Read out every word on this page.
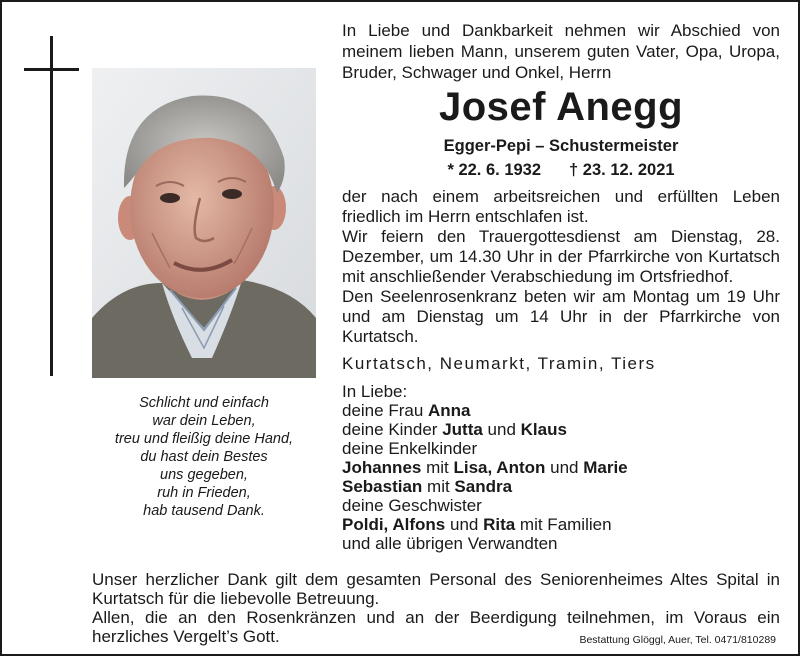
Schlicht und einfach
war dein Leben,
treu und fleißig deine Hand,
du hast dein Bestes
uns gegeben,
ruh in Frieden,
hab tausend Dank.
In Liebe und Dankbarkeit nehmen wir Abschied von meinem lieben Mann, unserem guten Vater, Opa, Uropa, Bruder, Schwager und Onkel, Herrn
Josef Anegg
Egger-Pepi – Schustermeister
* 22. 6. 1932 † 23. 12. 2021

der nach einem arbeitsreichen und erfüllten Leben friedlich im Herrn entschlafen ist.

Wir feiern den Trauergottesdienst am Dienstag, 28. Dezember, um 14.30 Uhr in der Pfarrkirche von Kurtatsch mit anschließender Verabschiedung im Ortsfriedhof.

Den Seelenrosenkranz beten wir am Montag um 19 Uhr und am Dienstag um 14 Uhr in der Pfarrkirche von Kurtatsch.

Kurtatsch, Neumarkt, Tramin, Tiers
In Liebe:
deine Frau Anna
deine Kinder Jutta und Klaus
deine Enkelkinder
Johannes mit Lisa, Anton und Marie
Sebastian mit Sandra
deine Geschwister
Poldi, Alfons und Rita mit Familien
und alle übrigen Verwandten

Unser herzlicher Dank gilt dem gesamten Personal des Seniorenheimes Altes Spital in Kurtatsch für die liebevolle Betreuung.

Allen, die an den Rosenkränzen und an der Beerdigung teilnehmen, im Voraus ein herzliches Vergelt’s Gott.	Bestattung Glöggl, Auer, Tel. 0471/810289
